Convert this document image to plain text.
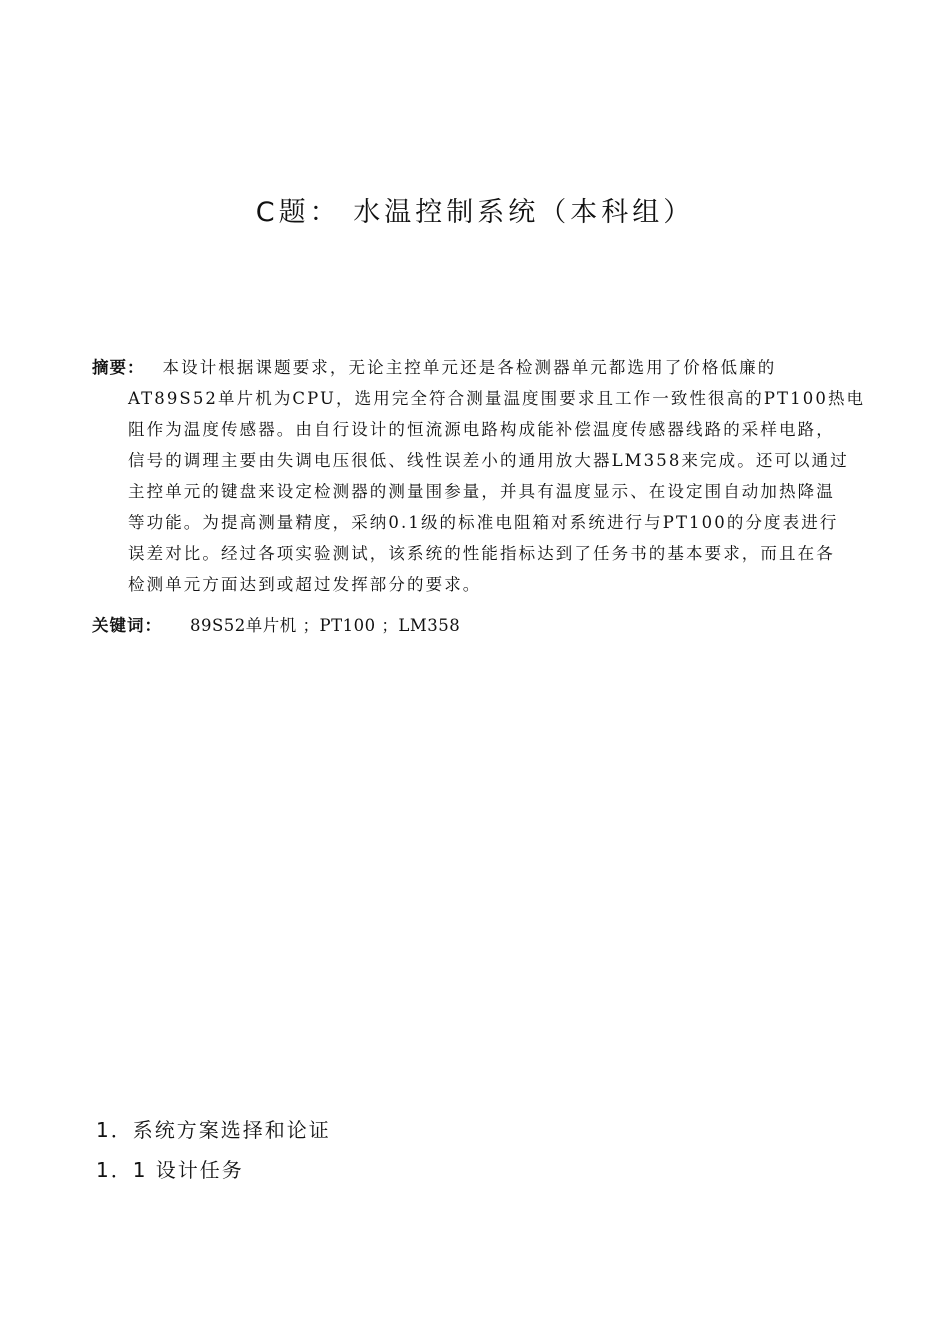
C题： 水温控制系统（本科组）
摘要： 本设计根据课题要求，无论主控单元还是各检测器单元都选用了价格低廉的
AT89S52单片机为CPU，选用完全符合测量温度围要求且工作一致性很高的PT100热电
阻作为温度传感器。由自行设计的恒流源电路构成能补偿温度传感器线路的采样电路，
信号的调理主要由失调电压很低、线性误差小的通用放大器LM358来完成。还可以通过
主控单元的键盘来设定检测器的测量围参量，并具有温度显示、在设定围自动加热降温
等功能。为提高测量精度，采纳0.1级的标准电阻箱对系统进行与PT100的分度表进行
误差对比。经过各项实验测试，该系统的性能指标达到了任务书的基本要求，而且在各
检测单元方面达到或超过发挥部分的要求。
关键词： 89S52单片机 ；PT100 ；LM358
1．系统方案选择和论证
1．1 设计任务
